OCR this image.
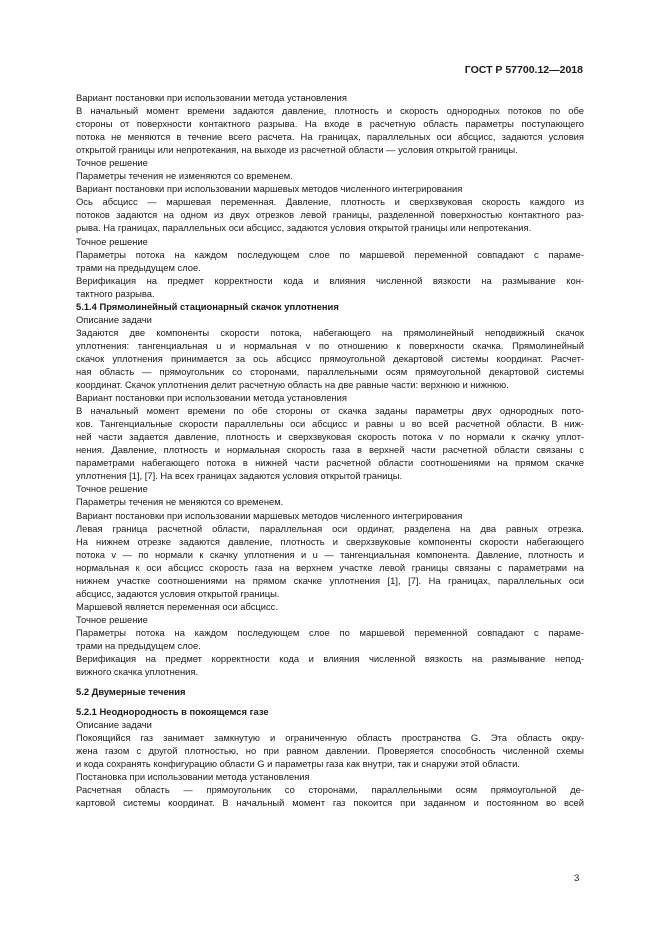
ГОСТ Р 57700.12—2018
Вариант постановки при использовании метода установления
В начальный момент времени задаются давление, плотность и скорость однородных потоков по обе
стороны от поверхности контактного разрыва. На входе в расчетную область параметры поступающего
потока не меняются в течение всего расчета. На границах, параллельных оси абсцисс, задаются условия
открытой границы или непротекания, на выходе из расчетной области — условия открытой границы.
Точное решение
Параметры течения не изменяются со временем.
Вариант постановки при использовании маршевых методов численного интегрирования
Ось абсцисс — маршевая переменная. Давление, плотность и сверхзвуковая скорость каждого из
потоков задаются на одном из двух отрезков левой границы, разделенной поверхностью контактного раз-
рыва. На границах, параллельных оси абсцисс, задаются условия открытой границы или непротекания.
Точное решение
Параметры потока на каждом последующем слое по маршевой переменной совпадают с параме-
трами на предыдущем слое.
Верификация на предмет корректности кода и влияния численной вязкости на размывание кон-
тактного разрыва.
5.1.4 Прямолинейный стационарный скачок уплотнения
Описание задачи
Задаются две компоненты скорости потока, набегающего на прямолинейный неподвижный скачок
уплотнения: тангенциальная u и нормальная v по отношению к поверхности скачка. Прямолинейный
скачок уплотнения принимается за ось абсцисс прямоугольной декартовой системы координат. Расчет-
ная область — прямоугольник со сторонами, параллельными осям прямоугольной декартовой системы
координат. Скачок уплотнения делит расчетную область на две равные части: верхнюю и нижнюю.
Вариант постановки при использовании метода установления
В начальный момент времени по обе стороны от скачка заданы параметры двух однородных пото-
ков. Тангенциальные скорости параллельны оси абсцисс и равны u во всей расчетной области. В ниж-
ней части задается давление, плотность и сверхзвуковая скорость потока v по нормали к скачку уплот-
нения. Давление, плотность и нормальная скорость газа в верхней части расчетной области связаны с
параметрами набегающего потока в нижней части расчетной области соотношениями на прямом скачке
уплотнения [1], [7]. На всех границах задаются условия открытой границы.
Точное решение
Параметры течения не меняются со временем.
Вариант постановки при использовании маршевых методов численного интегрирования
Левая граница расчетной области, параллельная оси ординат, разделена на два равных отрезка.
На нижнем отрезке задаются давление, плотность и сверхзвуковые компоненты скорости набегающего
потока v — по нормали к скачку уплотнения и u — тангенциальная компонента. Давление, плотность и
нормальная к оси абсцисс скорость газа на верхнем участке левой границы связаны с параметрами на
нижнем участке соотношениями на прямом скачке уплотнения [1], [7]. На границах, параллельных оси
абсцисс, задаются условия открытой границы.
Маршевой является переменная оси абсцисс.
Точное решение
Параметры потока на каждом последующем слое по маршевой переменной совпадают с параме-
трами на предыдущем слое.
Верификация на предмет корректности кода и влияния численной вязкость на размывание непод-
вижного скачка уплотнения.
5.2 Двумерные течения
5.2.1 Неоднородность в покоящемся газе
Описание задачи
Покоящийся газ занимает замкнутую и ограниченную область пространства G. Эта область окру-
жена газом с другой плотностью, но при равном давлении. Проверяется способность численной схемы
и кода сохранять конфигурацию области G и параметры газа как внутри, так и снаружи этой области.
Постановка при использовании метода установления
Расчетная область — прямоугольник со сторонами, параллельными осям прямоугольной де-
картовой системы координат. В начальный момент газ покоится при заданном и постоянном во всей
3
